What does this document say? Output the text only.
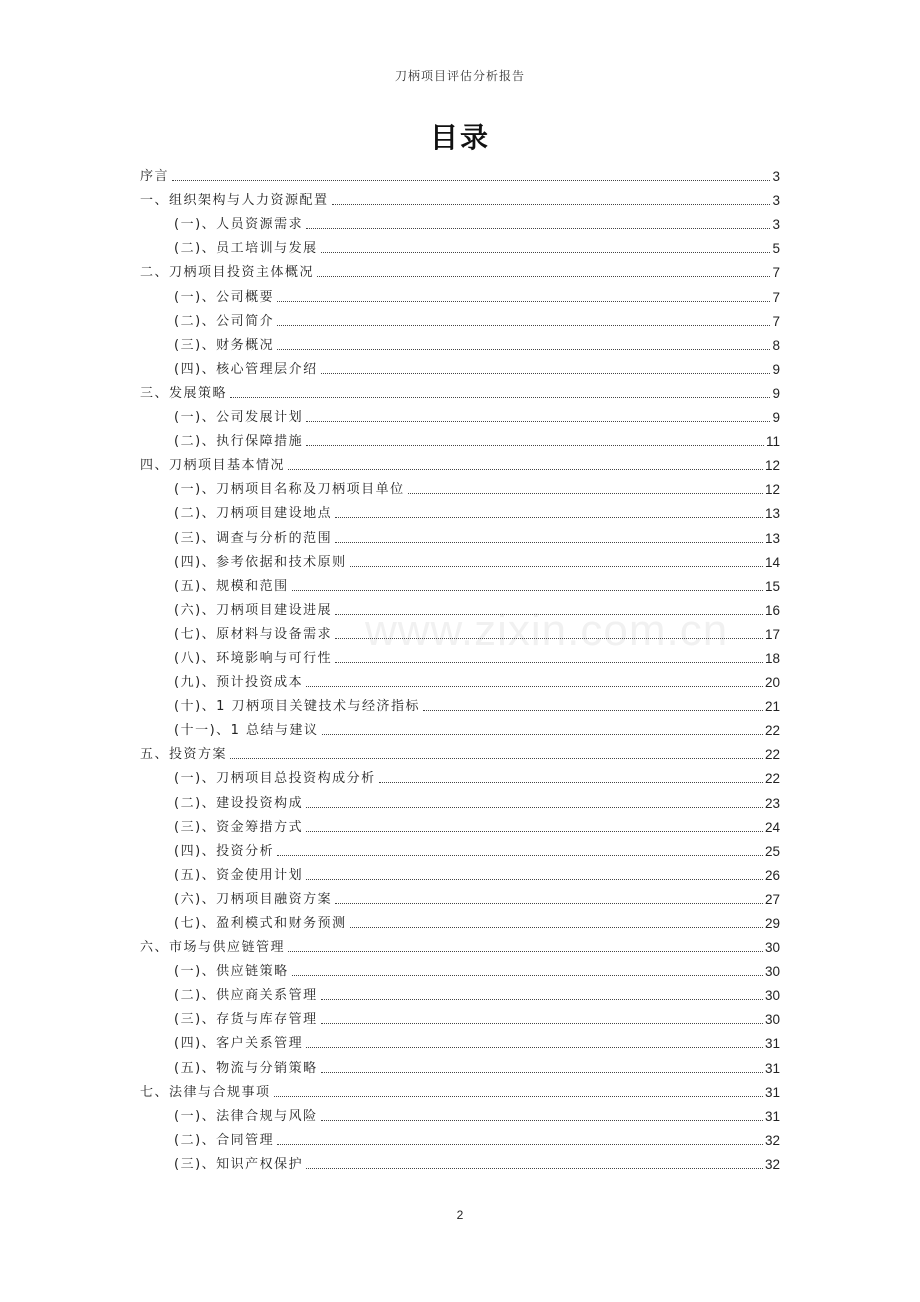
刀柄项目评估分析报告
目录
www.zixin.com.cn
序言	3
一、组织架构与人力资源配置	3
(一)、人员资源需求	3
(二)、员工培训与发展	5
二、刀柄项目投资主体概况	7
(一)、公司概要	7
(二)、公司简介	7
(三)、财务概况	8
(四)、核心管理层介绍	9
三、发展策略	9
(一)、公司发展计划	9
(二)、执行保障措施	11
四、刀柄项目基本情况	12
(一)、刀柄项目名称及刀柄项目单位	12
(二)、刀柄项目建设地点	13
(三)、调查与分析的范围	13
(四)、参考依据和技术原则	14
(五)、规模和范围	15
(六)、刀柄项目建设进展	16
(七)、原材料与设备需求	17
(八)、环境影响与可行性	18
(九)、预计投资成本	20
(十)、1 刀柄项目关键技术与经济指标	21
(十一)、1 总结与建议	22
五、投资方案	22
(一)、刀柄项目总投资构成分析	22
(二)、建设投资构成	23
(三)、资金筹措方式	24
(四)、投资分析	25
(五)、资金使用计划	26
(六)、刀柄项目融资方案	27
(七)、盈利模式和财务预测	29
六、市场与供应链管理	30
(一)、供应链策略	30
(二)、供应商关系管理	30
(三)、存货与库存管理	30
(四)、客户关系管理	31
(五)、物流与分销策略	31
七、法律与合规事项	31
(一)、法律合规与风险	31
(二)、合同管理	32
(三)、知识产权保护	32
2
